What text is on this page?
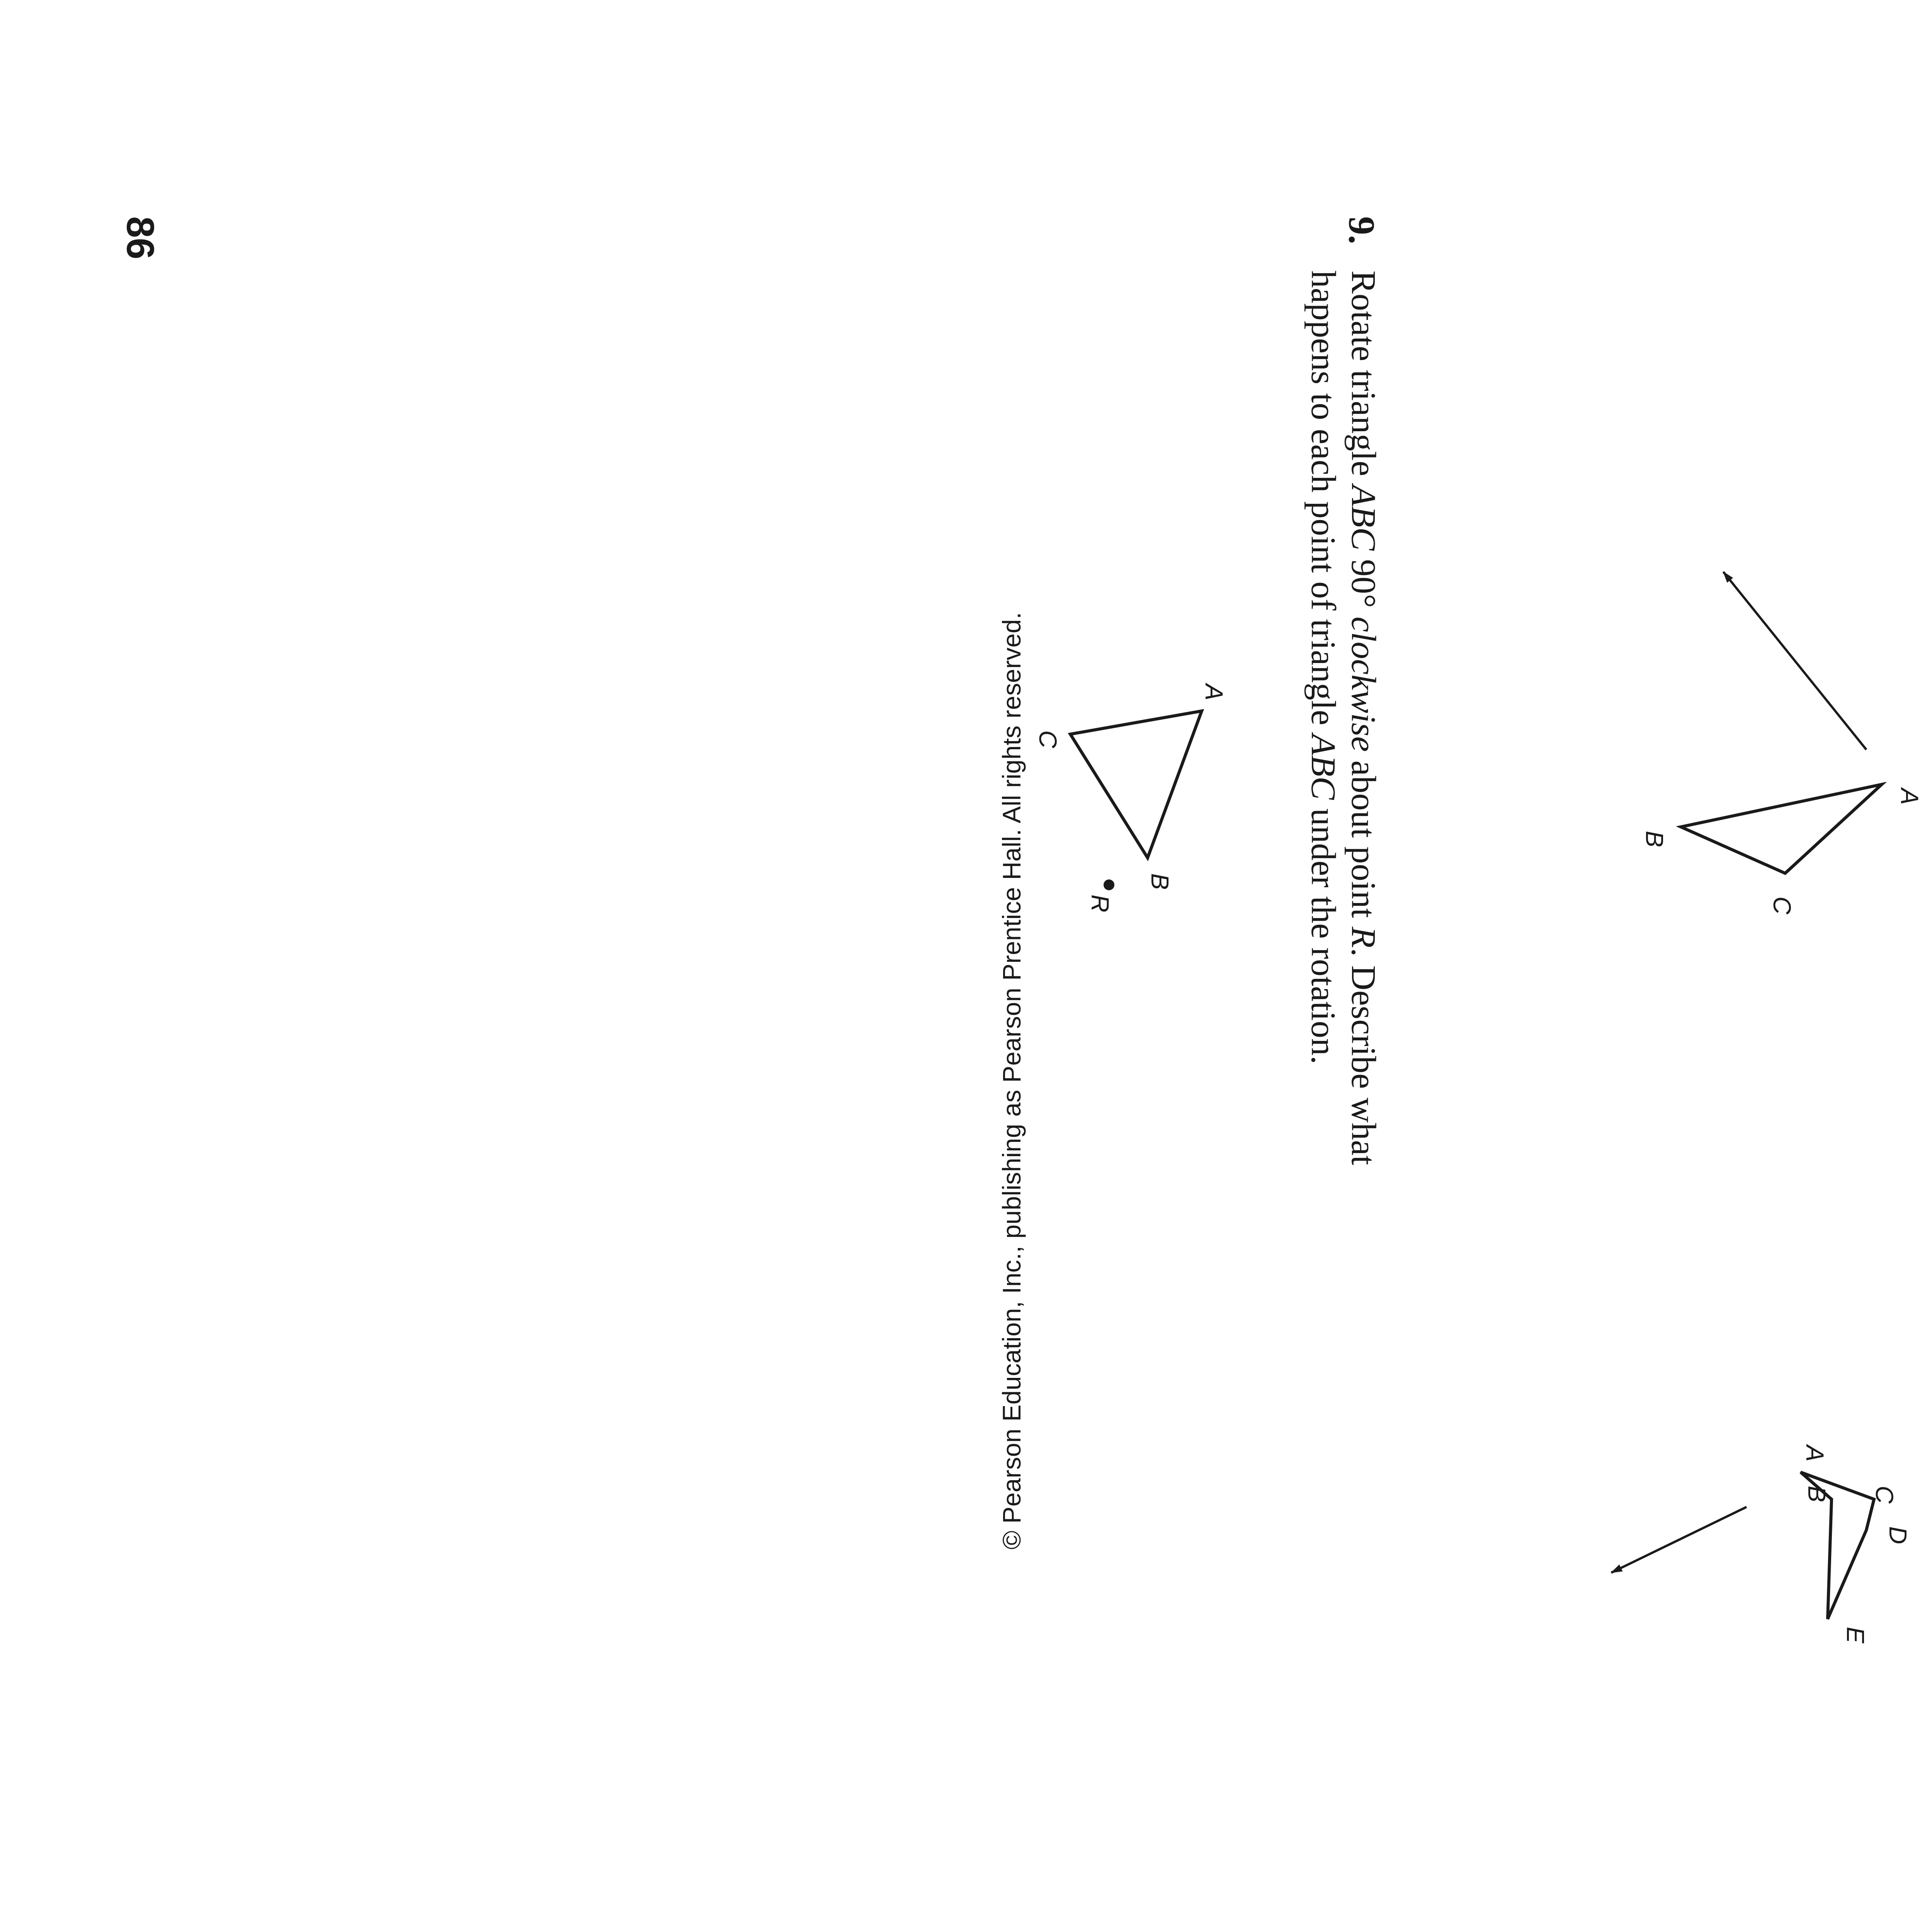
A
B
C
A
B C
D
E
9.
Rotate triangle ABC 90° clockwise about point R. Describe what happens to each point of triangle ABC under the rotation.
A
B
C
R
© Pearson Education, Inc., publishing as Pearson Prentice Hall. All rights reserved.
86
